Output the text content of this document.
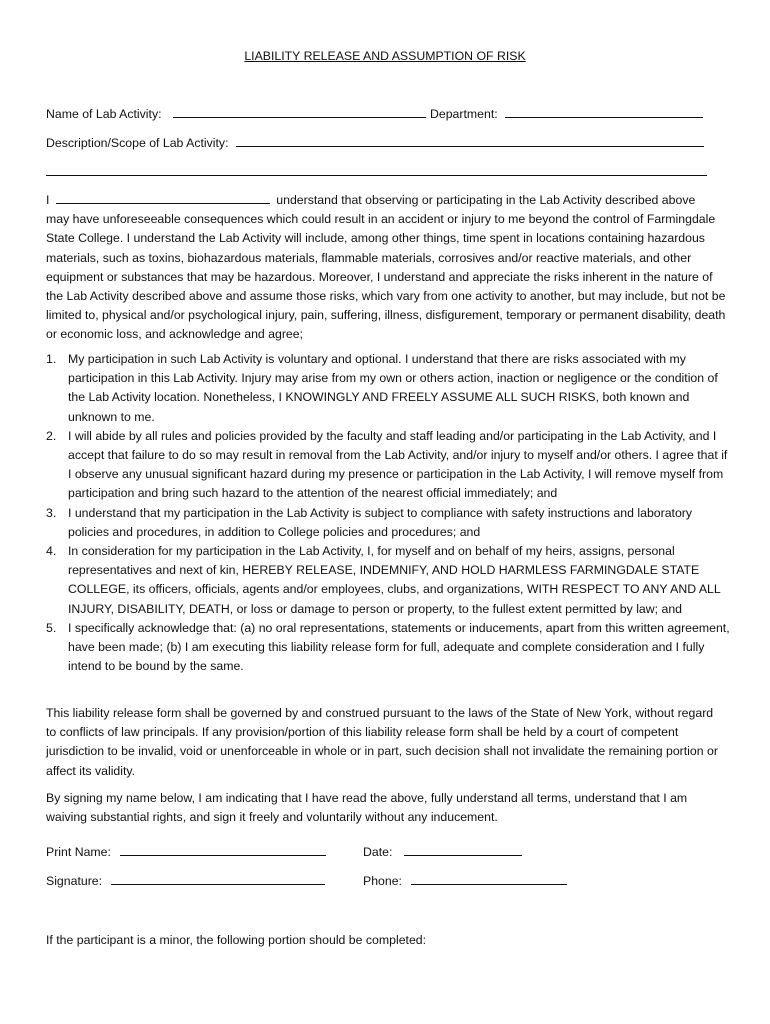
LIABILITY RELEASE AND ASSUMPTION OF RISK
Name of Lab Activity:	Department:
Description/Scope of Lab Activity:

I	understand that observing or participating in the Lab Activity described above

may have unforeseeable consequences which could result in an accident or injury to me beyond the control of Farmingdale State College. I understand the Lab Activity will include, among other things, time spent in locations containing hazardous materials, such as toxins, biohazardous materials, flammable materials, corrosives and/or reactive materials, and other equipment or substances that may be hazardous. Moreover, I understand and appreciate the risks inherent in the nature of the Lab Activity described above and assume those risks, which vary from one activity to another, but may include, but not be limited to, physical and/or psychological injury, pain, suffering, illness, disfigurement, temporary or permanent disability, death or economic loss, and acknowledge and agree;

1. My participation in such Lab Activity is voluntary and optional. I understand that there are risks associated with my participation in this Lab Activity. Injury may arise from my own or others action, inaction or negligence or the condition of the Lab Activity location. Nonetheless, I KNOWINGLY AND FREELY ASSUME ALL SUCH RISKS, both known and unknown to me.
2. I will abide by all rules and policies provided by the faculty and staff leading and/or participating in the Lab Activity, and I accept that failure to do so may result in removal from the Lab Activity, and/or injury to myself and/or others. I agree that if I observe any unusual significant hazard during my presence or participation in the Lab Activity, I will remove myself from participation and bring such hazard to the attention of the nearest official immediately; and
3. I understand that my participation in the Lab Activity is subject to compliance with safety instructions and laboratory policies and procedures, in addition to College policies and procedures; and
4. In consideration for my participation in the Lab Activity, I, for myself and on behalf of my heirs, assigns, personal representatives and next of kin, HEREBY RELEASE, INDEMNIFY, AND HOLD HARMLESS FARMINGDALE STATE COLLEGE, its officers, officials, agents and/or employees, clubs, and organizations, WITH RESPECT TO ANY AND ALL INJURY, DISABILITY, DEATH, or loss or damage to person or property, to the fullest extent permitted by law; and
5. I specifically acknowledge that: (a) no oral representations, statements or inducements, apart from this written agreement, have been made; (b) I am executing this liability release form for full, adequate and complete consideration and I fully intend to be bound by the same.
This liability release form shall be governed by and construed pursuant to the laws of the State of New York, without regard to conflicts of law principals. If any provision/portion of this liability release form shall be held by a court of competent jurisdiction to be invalid, void or unenforceable in whole or in part, such decision shall not invalidate the remaining portion or affect its validity.
By signing my name below, I am indicating that I have read the above, fully understand all terms, understand that I am waiving substantial rights, and sign it freely and voluntarily without any inducement.
Print Name:	Date:
Signature:	Phone:
If the participant is a minor, the following portion should be completed:
